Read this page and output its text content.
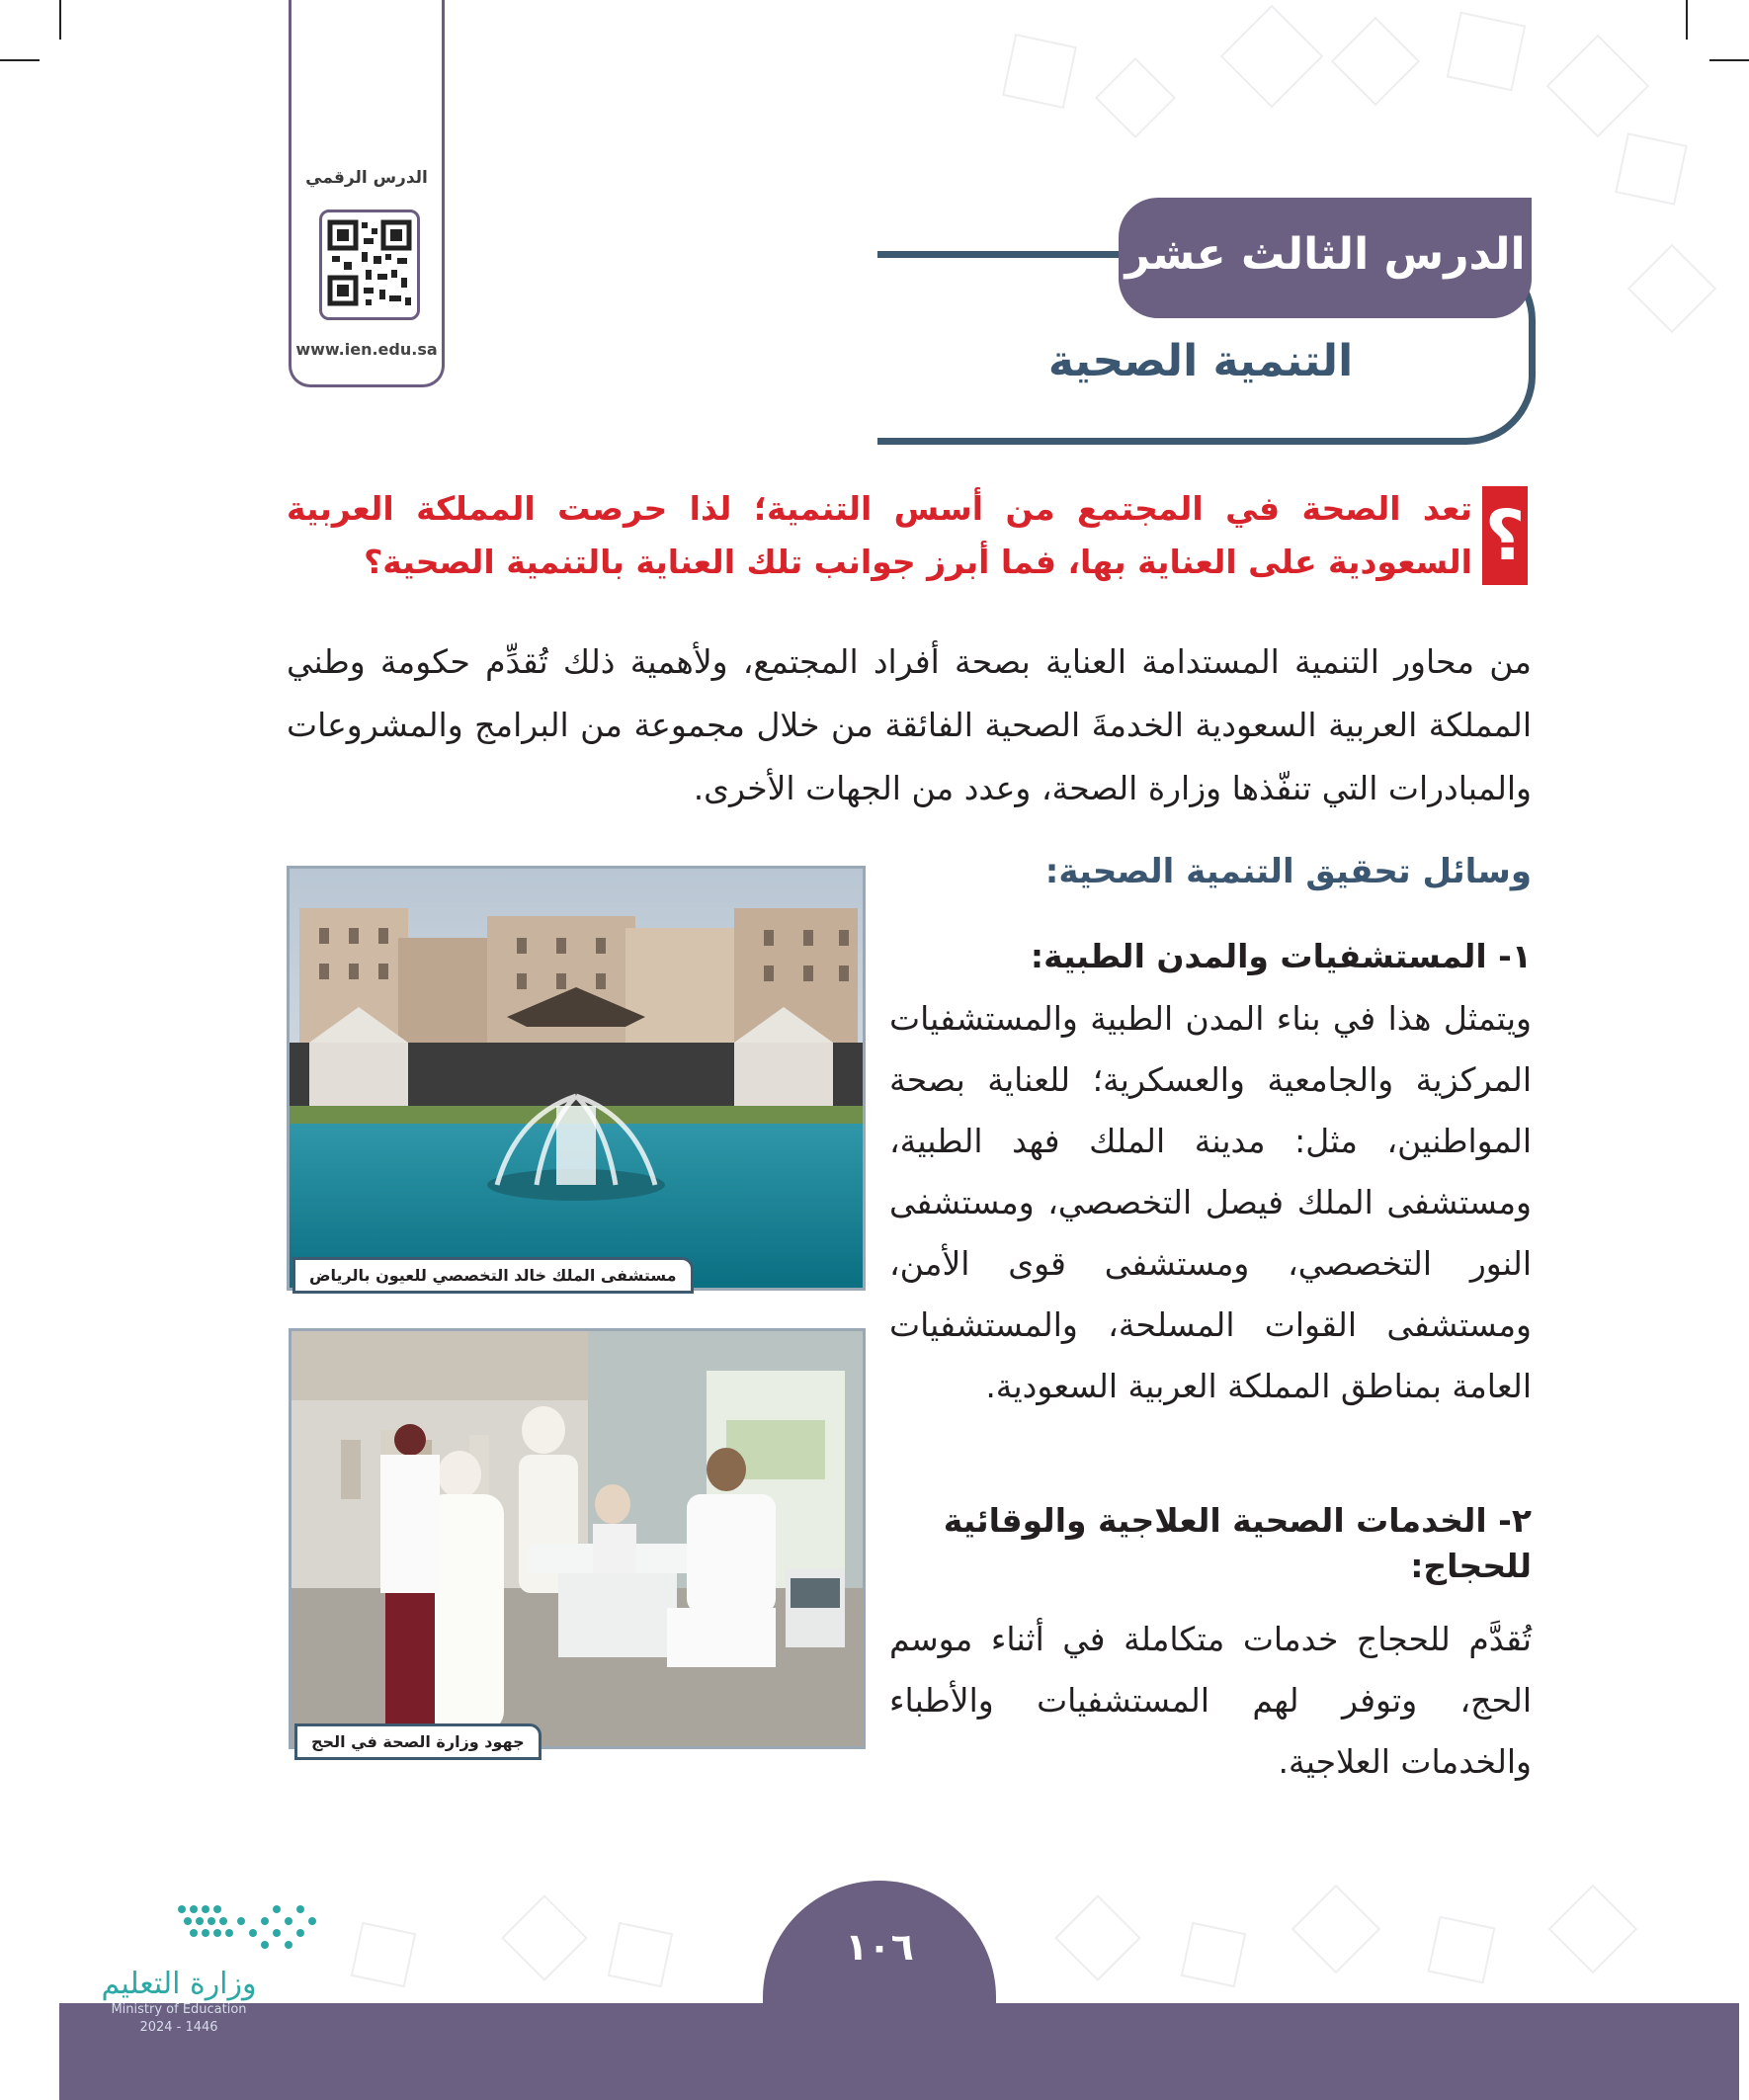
الدرس الرقمي
www.ien.edu.sa
الدرس الثالث عشر
التنمية الصحية
؟
تعد الصحة في المجتمع من أسس التنمية؛ لذا حرصت المملكة العربية السعودية على العناية بها، فما أبرز جوانب تلك العناية بالتنمية الصحية؟
من محاور التنمية المستدامة العناية بصحة أفراد المجتمع، ولأهمية ذلك تُقدِّم حكومة وطني المملكة العربية السعودية الخدمةَ الصحية الفائقة من خلال مجموعة من البرامج والمشروعات والمبادرات التي تنفّذها وزارة الصحة، وعدد من الجهات الأخرى.
وسائل تحقيق التنمية الصحية:
١- المستشفيات والمدن الطبية:
ويتمثل هذا في بناء المدن الطبية والمستشفيات المركزية والجامعية والعسكرية؛ للعناية بصحة المواطنين، مثل: مدينة الملك فهد الطبية، ومستشفى الملك فيصل التخصصي، ومستشفى النور التخصصي، ومستشفى قوى الأمن، ومستشفى القوات المسلحة، والمستشفيات العامة بمناطق المملكة العربية السعودية.
٢- الخدمات الصحية العلاجية والوقائية للحجاج:
تُقدَّم للحجاج خدمات متكاملة في أثناء موسم الحج، وتوفر لهم المستشفيات والأطباء والخدمات العلاجية.
مستشفى الملك خالد التخصصي للعيون بالرياض
جهود وزارة الصحة في الحج
١٠٦
وزارة التعليم
Ministry of Education
2024 - 1446
